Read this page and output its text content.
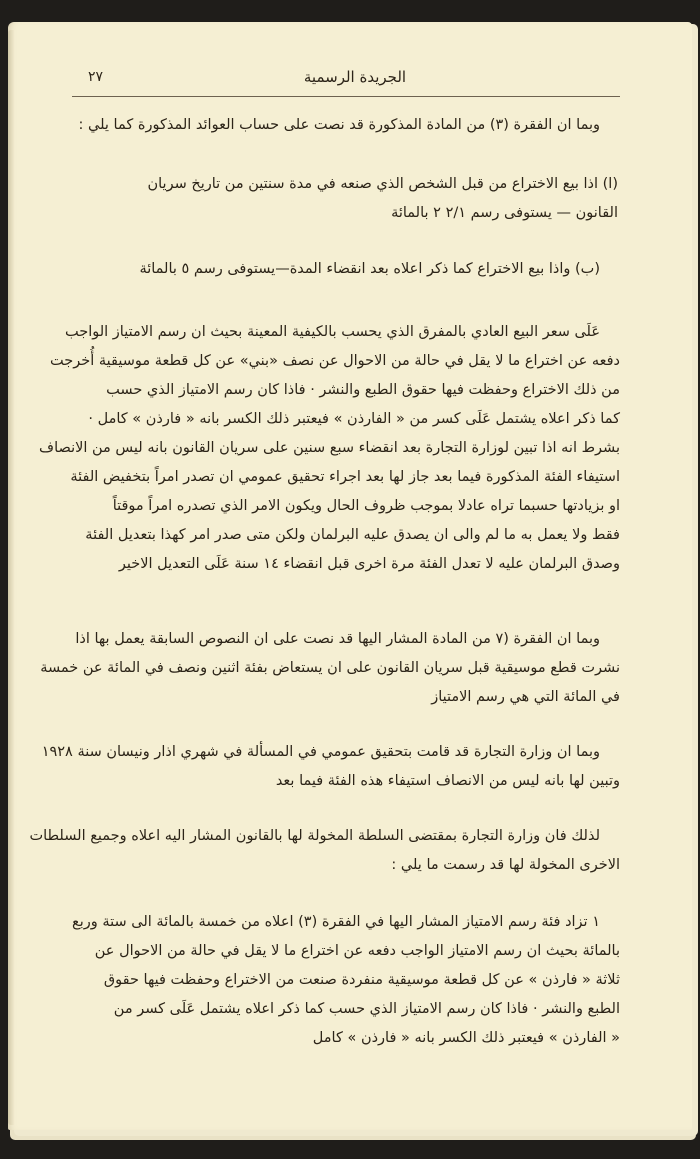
الجريدة الرسمية
٢٧
وبما ان الفقرة (٣) من المادة المذكورة قد نصت على حساب العوائد المذكورة كما يلي :
(ا) اذا بيع الاختراع من قبل الشخص الذي صنعه في مدة سنتين من تاريخ سريان
القانون — يستوفى رسم ٢/١ ٢ بالمائة
(ب) واذا بيع الاختراع كما ذكر اعلاه بعد انقضاء المدة—يستوفى رسم ٥ بالمائة
عَلَى سعر البيع العادي بالمفرق الذي يحسب بالكيفية المعينة بحيث ان رسم الامتياز الواجب
دفعه عن اختراع ما لا يقل في حالة من الاحوال عن نصف «بني» عن كل قطعة موسيقية أُخرجت
من ذلك الاختراع وحفظت فيها حقوق الطبع والنشر · فاذا كان رسم الامتياز الذي حسب
كما ذكر اعلاه يشتمل عَلَى كسر من « الفارذن » فيعتبر ذلك الكسر بانه « فارذن » كامل ·
بشرط انه اذا تبين لوزارة التجارة بعد انقضاء سبع سنين على سريان القانون بانه ليس من الانصاف
استيفاء الفئة المذكورة فيما بعد جاز لها بعد اجراء تحقيق عمومي ان تصدر امراً بتخفيض الفئة
او بزيادتها حسبما تراه عادلا بموجب ظروف الحال ويكون الامر الذي تصدره امراً موقتاً
فقط ولا يعمل به ما لم والى ان يصدق عليه البرلمان ولكن متى صدر امر كهذا بتعديل الفئة
وصدق البرلمان عليه لا تعدل الفئة مرة اخرى قبل انقضاء ١٤ سنة عَلَى التعديل الاخير
وبما ان الفقرة (٧ من المادة المشار اليها قد نصت على ان النصوص السابقة يعمل بها اذا
نشرت قطع موسيقية قبل سريان القانون على ان يستعاض بفئة اثنين ونصف في المائة عن خمسة
في المائة التي هي رسم الامتياز
وبما ان وزارة التجارة قد قامت بتحقيق عمومي في المسألة في شهري اذار ونيسان سنة ١٩٢٨
وتبين لها بانه ليس من الانصاف استيفاء هذه الفئة فيما بعد
لذلك فان وزارة التجارة بمقتضى السلطة المخولة لها بالقانون المشار اليه اعلاه وجميع السلطات
الاخرى المخولة لها قد رسمت ما يلي :
١ تزاد فئة رسم الامتياز المشار اليها في الفقرة (٣) اعلاه من خمسة بالمائة الى ستة وربع
بالمائة بحيث ان رسم الامتياز الواجب دفعه عن اختراع ما لا يقل في حالة من الاحوال عن
ثلاثة « فارذن » عن كل قطعة موسيقية منفردة صنعت من الاختراع وحفظت فيها حقوق
الطبع والنشر · فاذا كان رسم الامتياز الذي حسب كما ذكر اعلاه يشتمل عَلَى كسر من
« الفارذن » فيعتبر ذلك الكسر بانه « فارذن » كامل
